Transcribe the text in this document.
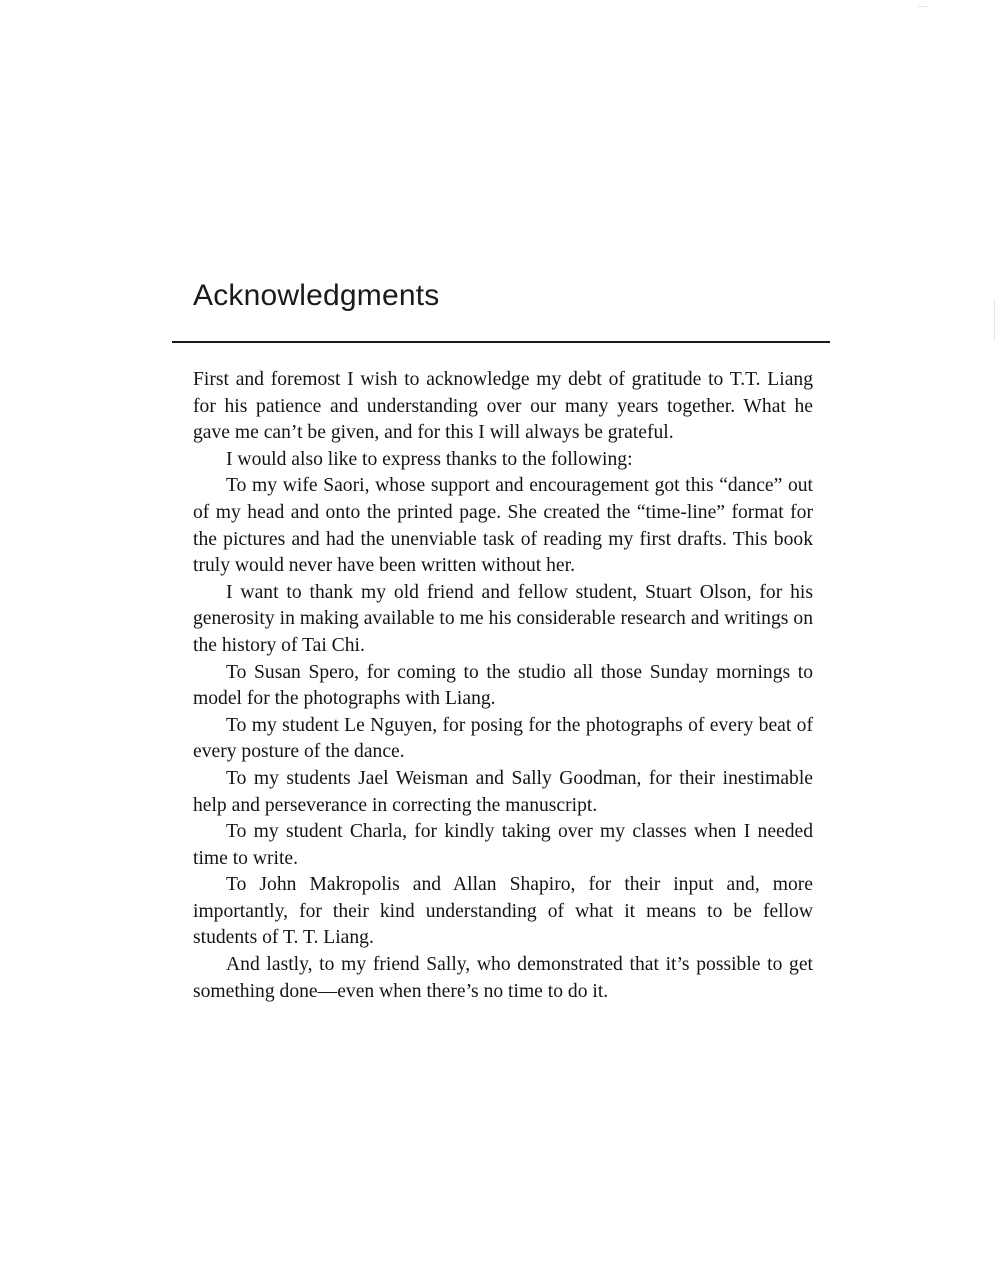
Acknowledgments

First and foremost I wish to acknowledge my debt of gratitude to T.T. Liang for his patience and understanding over our many years together. What he gave me can’t be given, and for this I will always be grateful.

I would also like to express thanks to the following:

To my wife Saori, whose support and encouragement got this “dance” out of my head and onto the printed page. She created the “time-line” format for the pictures and had the unenviable task of reading my first drafts. This book truly would never have been written without her.

I want to thank my old friend and fellow student, Stuart Olson, for his generosity in making available to me his considerable research and writings on the history of Tai Chi.

To Susan Spero, for coming to the studio all those Sunday mornings to model for the photographs with Liang.

To my student Le Nguyen, for posing for the photographs of every beat of every posture of the dance.

To my students Jael Weisman and Sally Goodman, for their inestimable help and perseverance in correcting the manuscript.

To my student Charla, for kindly taking over my classes when I needed time to write.

To John Makropolis and Allan Shapiro, for their input and, more importantly, for their kind understanding of what it means to be fellow students of T. T. Liang.

And lastly, to my friend Sally, who demonstrated that it’s possible to get something done—even when there’s no time to do it.
